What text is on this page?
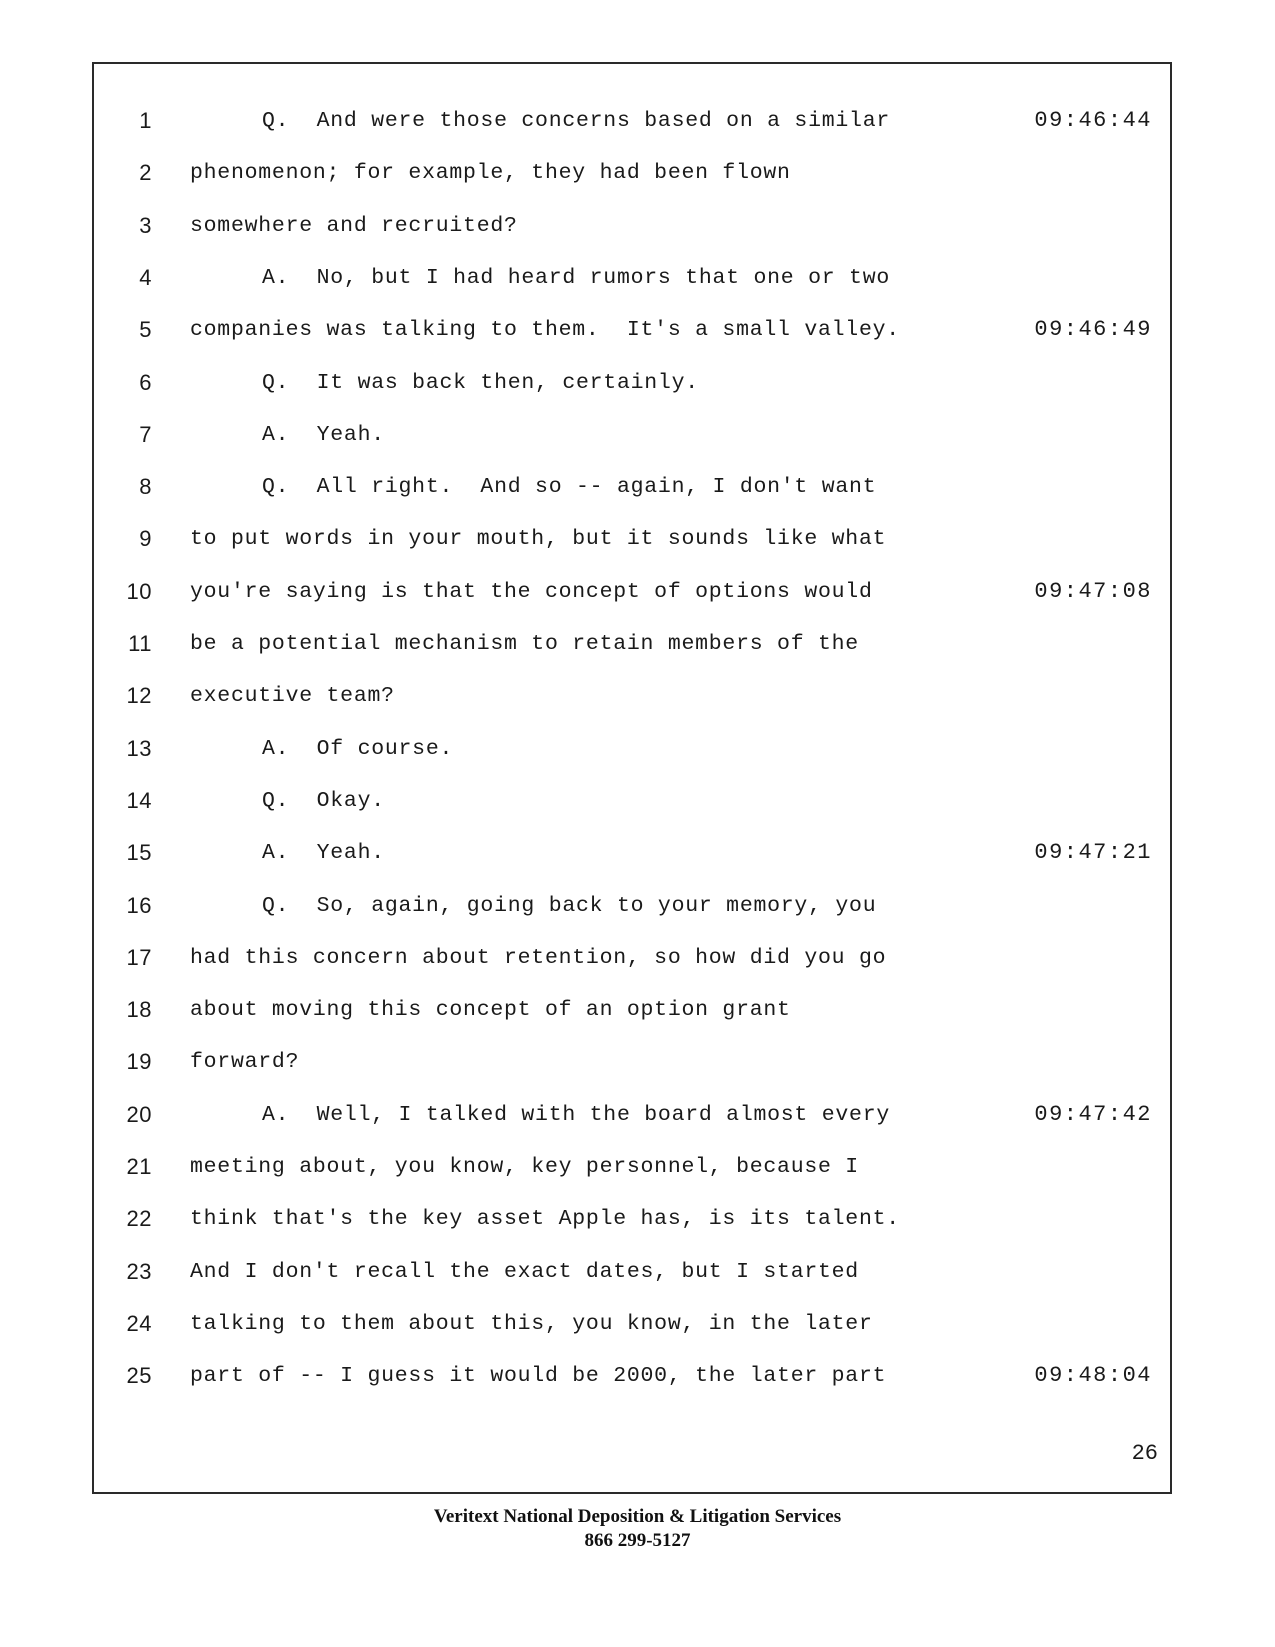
1	Q.  And were those concerns based on a similar	09:46:44
2 phenomenon; for example, they had been flown
3 somewhere and recruited?
4	A.  No, but I had heard rumors that one or two
5 companies was talking to them.  It's a small valley.	09:46:49
6	Q.  It was back then, certainly.
7	A.  Yeah.
8	Q.  All right.  And so -- again, I don't want
9 to put words in your mouth, but it sounds like what
10 you're saying is that the concept of options would	09:47:08
11 be a potential mechanism to retain members of the
12 executive team?
13	A.  Of course.
14	Q.  Okay.
15	A.  Yeah.	09:47:21
16	Q.  So, again, going back to your memory, you
17 had this concern about retention, so how did you go
18 about moving this concept of an option grant
19 forward?
20	A.  Well, I talked with the board almost every	09:47:42
21 meeting about, you know, key personnel, because I
22 think that's the key asset Apple has, is its talent.
23 And I don't recall the exact dates, but I started
24 talking to them about this, you know, in the later
25 part of -- I guess it would be 2000, the later part	09:48:04
26
Veritext National Deposition & Litigation Services
866 299-5127
